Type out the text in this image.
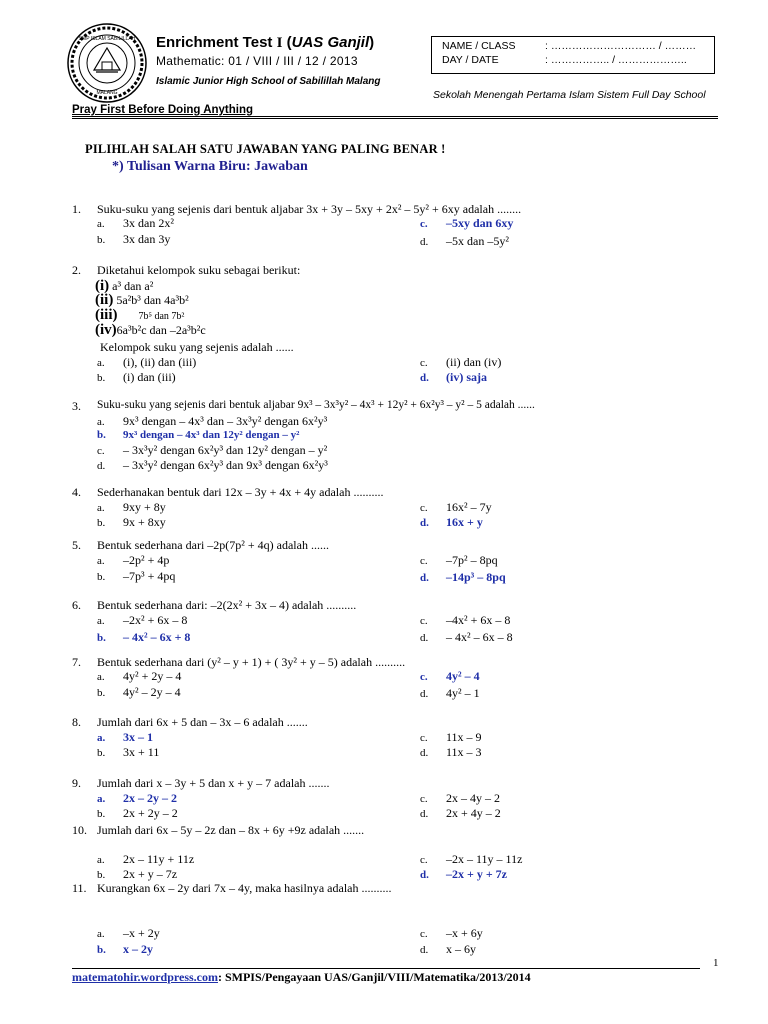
SMP ISLAM SABILILLAH
MALANG
Enrichment Test I (UAS Ganjil)
Mathematic: 01 / VIII / III / 12 / 2013
Islamic Junior High School of Sabilillah Malang
NAME / CLASS	: ………………………… / ………
DAY / DATE	: …………….. / ………………..
Sekolah Menengah Pertama Islam Sistem Full Day School
Pray First Before Doing Anything
PILIHLAH SALAH SATU JAWABAN YANG PALING BENAR !
*) Tulisan Warna Biru: Jawaban
1. Suku-suku yang sejenis dari bentuk aljabar 3x + 3y – 5xy + 2x² – 5y² + 6xy adalah ........
a. 3x dan 2x²
b. 3x dan 3y
c. –5xy dan 6xy
d. –5x dan –5y²
2. Diketahui kelompok suku sebagai berikut:
(i) a³ dan a²
(ii) 5a²b³ dan 4a³b²
(iii) 7b⁵ dan 7b²
(iv)6a³b²c dan –2a³b²c
Kelompok suku yang sejenis adalah ......
a. (i), (ii) dan (iii)
b. (i) dan (iii)
c. (ii) dan (iv)
d. (iv) saja
3. Suku-suku yang sejenis dari bentuk aljabar 9x³ – 3x³y² – 4x³ + 12y² + 6x²y³ – y² – 5 adalah ......
a. 9x³ dengan – 4x³ dan – 3x³y² dengan 6x²y³
b. 9x³ dengan – 4x³ dan 12y² dengan – y²
c. – 3x³y² dengan 6x²y³ dan 12y² dengan – y²
d. – 3x³y² dengan 6x²y³ dan 9x³ dengan 6x²y³
4. Sederhanakan bentuk dari 12x – 3y + 4x + 4y adalah ..........
a. 9xy + 8y
b. 9x + 8xy
c. 16x² – 7y
d. 16x + y
5. Bentuk sederhana dari –2p(7p² + 4q) adalah ......
a. –2p² + 4p
b. –7p³ + 4pq
c. –7p² – 8pq
d. –14p³ – 8pq
6. Bentuk sederhana dari: –2(2x² + 3x – 4) adalah ..........
a. –2x² + 6x – 8
b. – 4x² – 6x + 8
c. –4x² + 6x – 8
d. – 4x² – 6x – 8
7. Bentuk sederhana dari (y² – y + 1) + ( 3y² + y – 5) adalah ..........
a. 4y² + 2y – 4
b. 4y² – 2y – 4
c. 4y² – 4
d. 4y² – 1
8. Jumlah dari 6x + 5 dan – 3x – 6 adalah .......
a. 3x – 1
b. 3x + 11
c. 11x – 9
d. 11x – 3
9. Jumlah dari x – 3y + 5 dan x + y – 7 adalah .......
a. 2x – 2y – 2
b. 2x + 2y – 2
c. 2x – 4y – 2
d. 2x + 4y – 2
10. Jumlah dari 6x – 5y – 2z dan – 8x + 6y +9z adalah .......
a. 2x – 11y + 11z
b. 2x + y – 7z
c. –2x – 11y – 11z
d. –2x + y + 7z
11. Kurangkan 6x – 2y dari 7x – 4y, maka hasilnya adalah ..........
a. –x + 2y
b. x – 2y
c. –x + 6y
d. x – 6y
1
matematohir.wordpress.com: SMPIS/Pengayaan UAS/Ganjil/VIII/Matematika/2013/2014
